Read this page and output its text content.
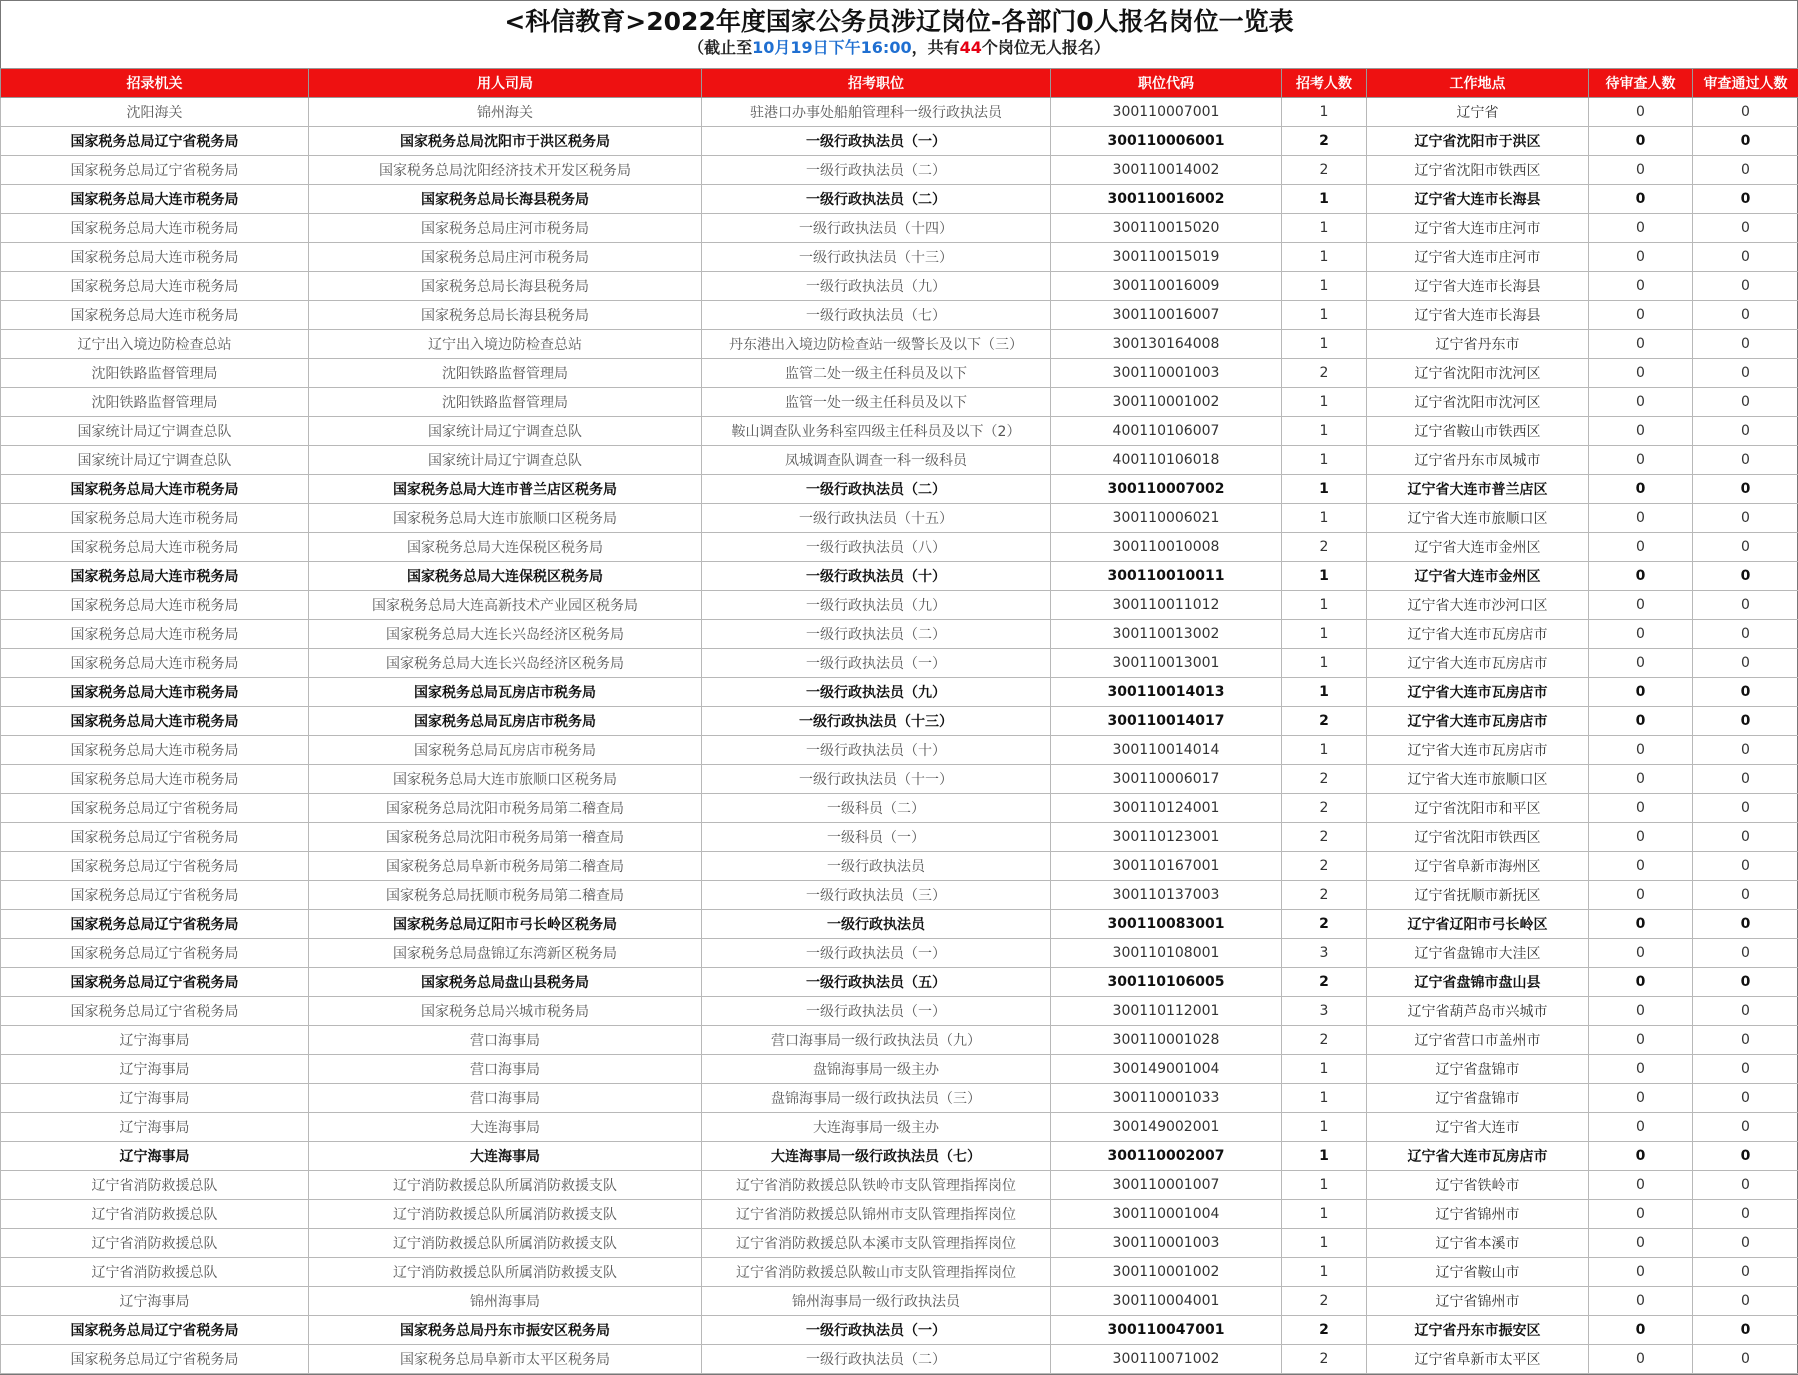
<科信教育>2022年度国家公务员涉辽岗位-各部门0人报名岗位一览表
（截止至10月19日下午16:00，共有44个岗位无人报名）
招录机关	用人司局	招考职位	职位代码	招考人数	工作地点	待审查人数	审查通过人数
沈阳海关	锦州海关	驻港口办事处船舶管理科一级行政执法员	300110007001	1	辽宁省	0	0
国家税务总局辽宁省税务局	国家税务总局沈阳市于洪区税务局	一级行政执法员（一）	300110006001	2	辽宁省沈阳市于洪区	0	0
国家税务总局辽宁省税务局	国家税务总局沈阳经济技术开发区税务局	一级行政执法员（二）	300110014002	2	辽宁省沈阳市铁西区	0	0
国家税务总局大连市税务局	国家税务总局长海县税务局	一级行政执法员（二）	300110016002	1	辽宁省大连市长海县	0	0
国家税务总局大连市税务局	国家税务总局庄河市税务局	一级行政执法员（十四）	300110015020	1	辽宁省大连市庄河市	0	0
国家税务总局大连市税务局	国家税务总局庄河市税务局	一级行政执法员（十三）	300110015019	1	辽宁省大连市庄河市	0	0
国家税务总局大连市税务局	国家税务总局长海县税务局	一级行政执法员（九）	300110016009	1	辽宁省大连市长海县	0	0
国家税务总局大连市税务局	国家税务总局长海县税务局	一级行政执法员（七）	300110016007	1	辽宁省大连市长海县	0	0
辽宁出入境边防检查总站	辽宁出入境边防检查总站	丹东港出入境边防检查站一级警长及以下（三）	300130164008	1	辽宁省丹东市	0	0
沈阳铁路监督管理局	沈阳铁路监督管理局	监管二处一级主任科员及以下	300110001003	2	辽宁省沈阳市沈河区	0	0
沈阳铁路监督管理局	沈阳铁路监督管理局	监管一处一级主任科员及以下	300110001002	1	辽宁省沈阳市沈河区	0	0
国家统计局辽宁调查总队	国家统计局辽宁调查总队	鞍山调查队业务科室四级主任科员及以下（2）	400110106007	1	辽宁省鞍山市铁西区	0	0
国家统计局辽宁调查总队	国家统计局辽宁调查总队	凤城调查队调查一科一级科员	400110106018	1	辽宁省丹东市凤城市	0	0
国家税务总局大连市税务局	国家税务总局大连市普兰店区税务局	一级行政执法员（二）	300110007002	1	辽宁省大连市普兰店区	0	0
国家税务总局大连市税务局	国家税务总局大连市旅顺口区税务局	一级行政执法员（十五）	300110006021	1	辽宁省大连市旅顺口区	0	0
国家税务总局大连市税务局	国家税务总局大连保税区税务局	一级行政执法员（八）	300110010008	2	辽宁省大连市金州区	0	0
国家税务总局大连市税务局	国家税务总局大连保税区税务局	一级行政执法员（十）	300110010011	1	辽宁省大连市金州区	0	0
国家税务总局大连市税务局	国家税务总局大连高新技术产业园区税务局	一级行政执法员（九）	300110011012	1	辽宁省大连市沙河口区	0	0
国家税务总局大连市税务局	国家税务总局大连长兴岛经济区税务局	一级行政执法员（二）	300110013002	1	辽宁省大连市瓦房店市	0	0
国家税务总局大连市税务局	国家税务总局大连长兴岛经济区税务局	一级行政执法员（一）	300110013001	1	辽宁省大连市瓦房店市	0	0
国家税务总局大连市税务局	国家税务总局瓦房店市税务局	一级行政执法员（九）	300110014013	1	辽宁省大连市瓦房店市	0	0
国家税务总局大连市税务局	国家税务总局瓦房店市税务局	一级行政执法员（十三）	300110014017	2	辽宁省大连市瓦房店市	0	0
国家税务总局大连市税务局	国家税务总局瓦房店市税务局	一级行政执法员（十）	300110014014	1	辽宁省大连市瓦房店市	0	0
国家税务总局大连市税务局	国家税务总局大连市旅顺口区税务局	一级行政执法员（十一）	300110006017	2	辽宁省大连市旅顺口区	0	0
国家税务总局辽宁省税务局	国家税务总局沈阳市税务局第二稽查局	一级科员（二）	300110124001	2	辽宁省沈阳市和平区	0	0
国家税务总局辽宁省税务局	国家税务总局沈阳市税务局第一稽查局	一级科员（一）	300110123001	2	辽宁省沈阳市铁西区	0	0
国家税务总局辽宁省税务局	国家税务总局阜新市税务局第二稽查局	一级行政执法员	300110167001	2	辽宁省阜新市海州区	0	0
国家税务总局辽宁省税务局	国家税务总局抚顺市税务局第二稽查局	一级行政执法员（三）	300110137003	2	辽宁省抚顺市新抚区	0	0
国家税务总局辽宁省税务局	国家税务总局辽阳市弓长岭区税务局	一级行政执法员	300110083001	2	辽宁省辽阳市弓长岭区	0	0
国家税务总局辽宁省税务局	国家税务总局盘锦辽东湾新区税务局	一级行政执法员（一）	300110108001	3	辽宁省盘锦市大洼区	0	0
国家税务总局辽宁省税务局	国家税务总局盘山县税务局	一级行政执法员（五）	300110106005	2	辽宁省盘锦市盘山县	0	0
国家税务总局辽宁省税务局	国家税务总局兴城市税务局	一级行政执法员（一）	300110112001	3	辽宁省葫芦岛市兴城市	0	0
辽宁海事局	营口海事局	营口海事局一级行政执法员（九）	300110001028	2	辽宁省营口市盖州市	0	0
辽宁海事局	营口海事局	盘锦海事局一级主办	300149001004	1	辽宁省盘锦市	0	0
辽宁海事局	营口海事局	盘锦海事局一级行政执法员（三）	300110001033	1	辽宁省盘锦市	0	0
辽宁海事局	大连海事局	大连海事局一级主办	300149002001	1	辽宁省大连市	0	0
辽宁海事局	大连海事局	大连海事局一级行政执法员（七）	300110002007	1	辽宁省大连市瓦房店市	0	0
辽宁省消防救援总队	辽宁消防救援总队所属消防救援支队	辽宁省消防救援总队铁岭市支队管理指挥岗位	300110001007	1	辽宁省铁岭市	0	0
辽宁省消防救援总队	辽宁消防救援总队所属消防救援支队	辽宁省消防救援总队锦州市支队管理指挥岗位	300110001004	1	辽宁省锦州市	0	0
辽宁省消防救援总队	辽宁消防救援总队所属消防救援支队	辽宁省消防救援总队本溪市支队管理指挥岗位	300110001003	1	辽宁省本溪市	0	0
辽宁省消防救援总队	辽宁消防救援总队所属消防救援支队	辽宁省消防救援总队鞍山市支队管理指挥岗位	300110001002	1	辽宁省鞍山市	0	0
辽宁海事局	锦州海事局	锦州海事局一级行政执法员	300110004001	2	辽宁省锦州市	0	0
国家税务总局辽宁省税务局	国家税务总局丹东市振安区税务局	一级行政执法员（一）	300110047001	2	辽宁省丹东市振安区	0	0
国家税务总局辽宁省税务局	国家税务总局阜新市太平区税务局	一级行政执法员（二）	300110071002	2	辽宁省阜新市太平区	0	0
